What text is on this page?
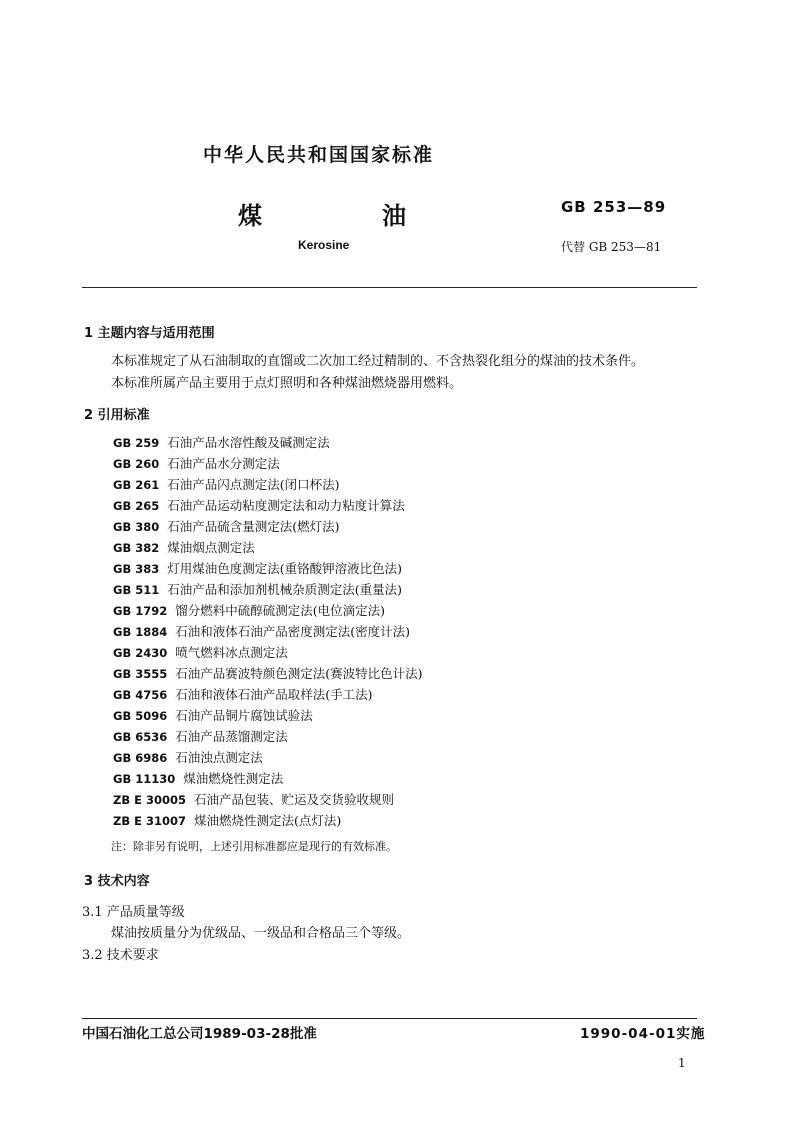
中华人民共和国国家标准
煤	油	GB 253—89
Kerosine	代替 GB 253—81
1 主题内容与适用范围
本标准规定了从石油制取的直馏或二次加工经过精制的、不含热裂化组分的煤油的技术条件。
本标准所属产品主要用于点灯照明和各种煤油燃烧器用燃料。
2 引用标准
GB 259 石油产品水溶性酸及碱测定法
GB 260 石油产品水分测定法
GB 261 石油产品闪点测定法(闭口杯法)
GB 265 石油产品运动粘度测定法和动力粘度计算法
GB 380 石油产品硫含量测定法(燃灯法)
GB 382 煤油烟点测定法
GB 383 灯用煤油色度测定法(重铬酸钾溶液比色法)
GB 511 石油产品和添加剂机械杂质测定法(重量法)
GB 1792 馏分燃料中硫醇硫测定法(电位滴定法)
GB 1884 石油和液体石油产品密度测定法(密度计法)
GB 2430 喷气燃料冰点测定法
GB 3555 石油产品赛波特颜色测定法(赛波特比色计法)
GB 4756 石油和液体石油产品取样法(手工法)
GB 5096 石油产品铜片腐蚀试验法
GB 6536 石油产品蒸馏测定法
GB 6986 石油浊点测定法
GB 11130 煤油燃烧性测定法
ZB E 30005 石油产品包装、贮运及交货验收规则
ZB E 31007 煤油燃烧性测定法(点灯法)
注：除非另有说明，上述引用标准都应是现行的有效标准。
3 技术内容
3.1 产品质量等级
煤油按质量分为优级品、一级品和合格品三个等级。
3.2 技术要求
中国石油化工总公司1989-03-28批准	1990-04-01实施
1
